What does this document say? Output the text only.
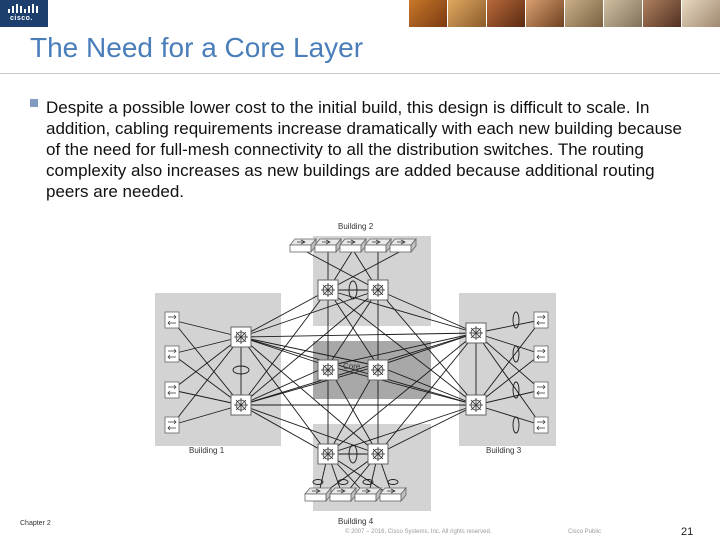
cisco.
The Need for a Core Layer
Despite a possible lower cost to the initial build, this design is difficult to scale. In addition, cabling requirements increase dramatically with each new building because of the need for full-mesh connectivity to all the distribution switches. The routing complexity also increases as new buildings are added because additional routing peers are needed.
Building 2
Core
Building 1	Building 3
Building 4
Chapter 2
© 2007 – 2016, Cisco Systems, Inc. All rights reserved.	Cisco Public	21
